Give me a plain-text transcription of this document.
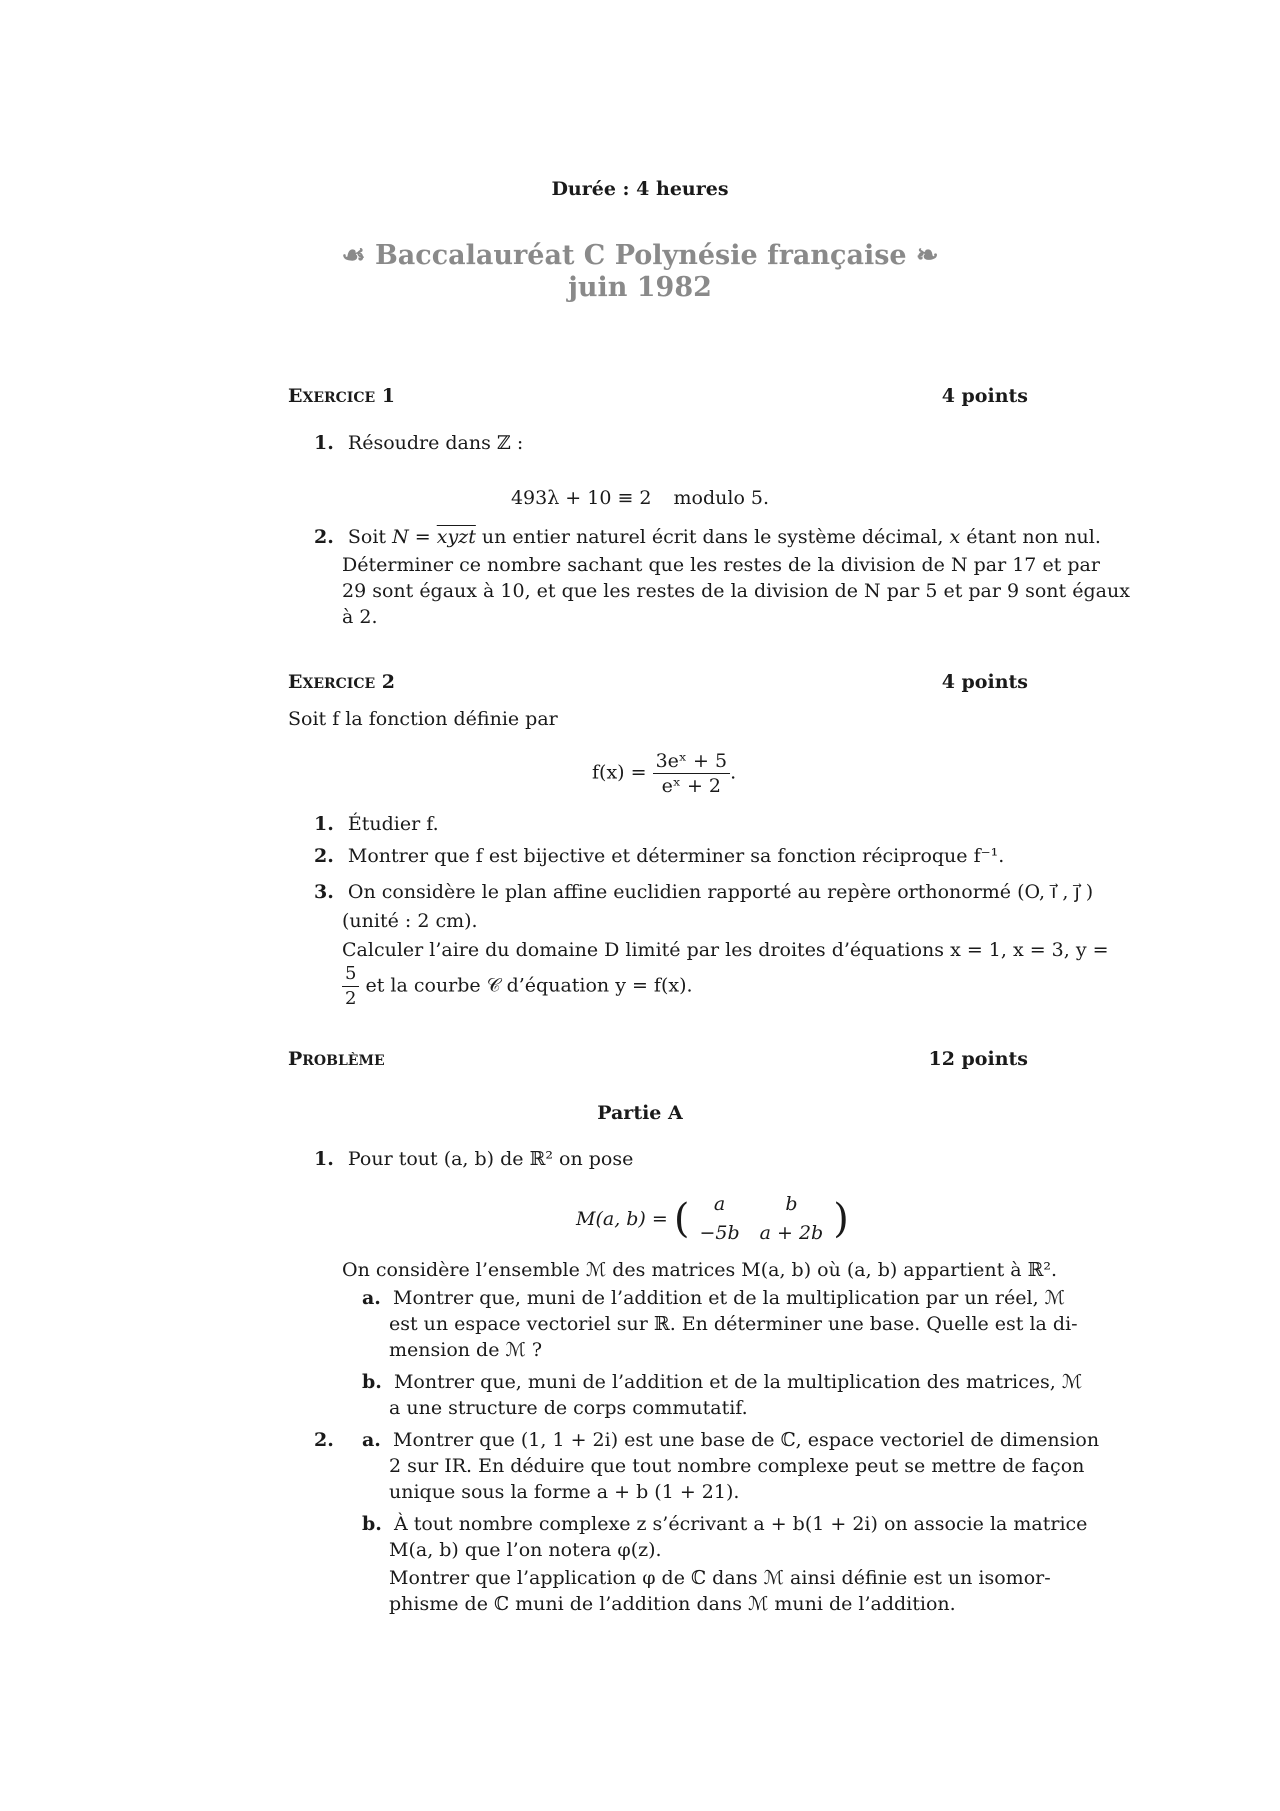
Durée : 4 heures
☙ Baccalauréat C Polynésie française ❧
juin 1982
EXERCICE 1	4 points
1. Résoudre dans ℤ :
493λ + 10 ≡ 2 modulo 5.
2. Soit N = xyzt un entier naturel écrit dans le système décimal, x étant non nul.
Déterminer ce nombre sachant que les restes de la division de N par 17 et par
29 sont égaux à 10, et que les restes de la division de N par 5 et par 9 sont égaux
à 2.
EXERCICE 2	4 points
Soit f la fonction définie par
$f(x) = \frac{\text{3eˣ + 5}}{\text{eˣ + 2}}$ .
1. Étudier f.
2. Montrer que f est bijective et déterminer sa fonction réciproque f⁻¹.
3. On considère le plan affine euclidien rapporté au repère orthonormé (O, i⃗ , j⃗ )
(unité : 2 cm).
Calculer l’aire du domaine D limité par les droites d’équations x = 1, x = 3, y =
$\frac{5}{2}$ et la courbe 𝒞 d’équation y = f(x).
PROBLÈME	12 points
Partie A
1. Pour tout (a, b) de ℝ² on pose
M(a, b) = ( a	b
−5b	a + 2b )
On considère l’ensemble ℳ des matrices M(a, b) où (a, b) appartient à ℝ².
a. Montrer que, muni de l’addition et de la multiplication par un réel, ℳ
est un espace vectoriel sur ℝ. En déterminer une base. Quelle est la di-
mension de ℳ ?
b. Montrer que, muni de l’addition et de la multiplication des matrices, ℳ
a une structure de corps commutatif.
2. a. Montrer que (1, 1 + 2i) est une base de ℂ, espace vectoriel de dimension
2 sur IR. En déduire que tout nombre complexe peut se mettre de façon
unique sous la forme a + b (1 + 21).
b. À tout nombre complexe z s’écrivant a + b(1 + 2i) on associe la matrice
M(a, b) que l’on notera φ(z).
Montrer que l’application φ de ℂ dans ℳ ainsi définie est un isomor-
phisme de ℂ muni de l’addition dans ℳ muni de l’addition.
